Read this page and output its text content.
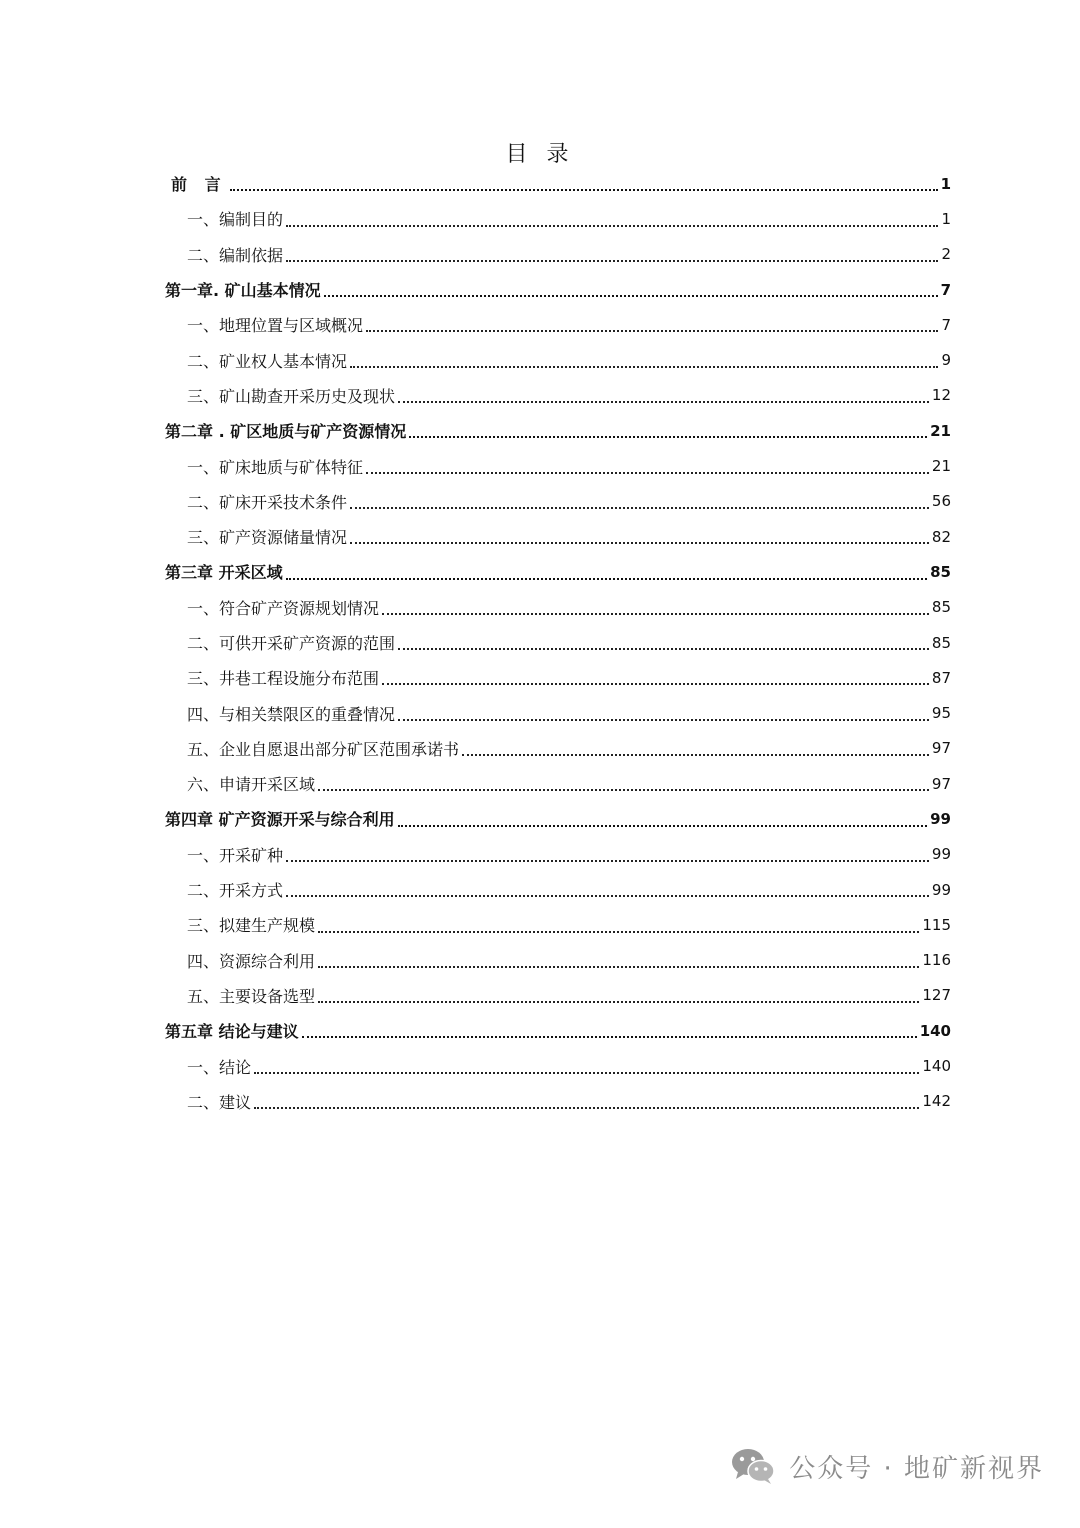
目 录
前 言	1
一、编制目的	1
二、编制依据	2
第一章. 矿山基本情况	7
一、地理位置与区域概况	7
二、矿业权人基本情况	9
三、矿山勘查开采历史及现状	12
第二章 . 矿区地质与矿产资源情况	21
一、矿床地质与矿体特征	21
二、矿床开采技术条件	56
三、矿产资源储量情况	82
第三章 开采区域	85
一、符合矿产资源规划情况	85
二、可供开采矿产资源的范围	85
三、井巷工程设施分布范围	87
四、与相关禁限区的重叠情况	95
五、企业自愿退出部分矿区范围承诺书	97
六、申请开采区域	97
第四章 矿产资源开采与综合利用	99
一、开采矿种	99
二、开采方式	99
三、拟建生产规模	115
四、资源综合利用	116
五、主要设备选型	127
第五章 结论与建议	140
一、结论	140
二、建议	142
公众号 · 地矿新视界
